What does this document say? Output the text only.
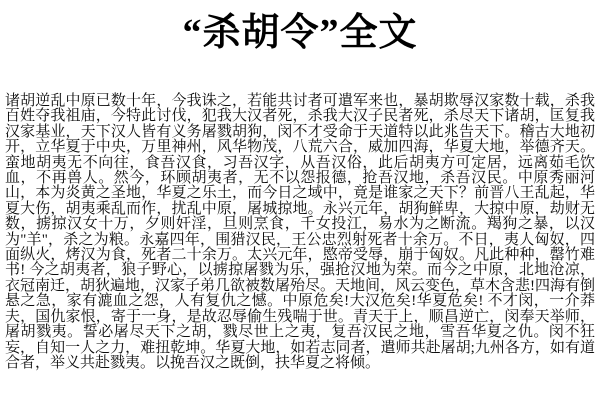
“杀胡令”全文

诸胡逆乱中原已数十年，今我诛之，若能共讨者可遣军来也，暴胡欺辱汉家数十载，杀我百姓夺我祖庙，今特此讨伐，犯我大汉者死，杀我大汉子民者死，杀尽天下诸胡，匡复我汉家基业，天下汉人皆有义务屠戮胡狗，闵不才受命于天道特以此兆告天下。稽古大地初开，立华夏于中央，万里神州，风华物茂，八荒六合，威加四海，华夏大地，举德齐天。蛮地胡夷无不向往，食吾汉食，习吾汉字，从吾汉俗，此后胡夷方可定居，远离茹毛饮血，不再兽人。然今，环顾胡夷者，无不以怨报德，抢吾汉地，杀吾汉民。中原秀丽河山，本为炎黄之圣地，华夏之乐土，而今日之域中，竟是谁家之天下？前晋八王乱起，华夏大伤，胡夷乘乱而作，扰乱中原，屠城掠地。永兴元年，胡狗鲜卑，大掠中原，劫财无数，掳掠汉女十万，夕则奸淫，旦则烹食，千女投江，易水为之断流。羯狗之暴，以汉为"羊"，杀之为粮。永嘉四年，围猎汉民，王公忠烈射死者十余万。不日，夷人匈奴，四面纵火，烤汉为食，死者二十余万。太兴元年，愍帝受辱，崩于匈奴。凡此种种，罄竹难书! 今之胡夷者，狼子野心，以掳掠屠戮为乐，强抢汉地为荣。而今之中原，北地沧凉，衣冠南迁，胡狄遍地，汉家子弟几欲被数屠殆尽。天地间，风云变色，草木含悲!四海有倒悬之急，家有漉血之怨，人有复仇之憾。中原危矣!大汉危矣!华夏危矣! 不才闵，一介莽夫，国仇家恨，寄于一身，是故忍辱偷生残喘于世。青天于上，顺昌逆亡，闵奉天举师，屠胡戮夷。誓必屠尽天下之胡，戮尽世上之夷，复吾汉民之地，雪吾华夏之仇。闵不狂妄，自知一人之力，难扭乾坤。华夏大地，如若志同者，遣师共赴屠胡;九州各方，如有道合者，举义共赴戮夷。以挽吾汉之既倒，扶华夏之将倾。
